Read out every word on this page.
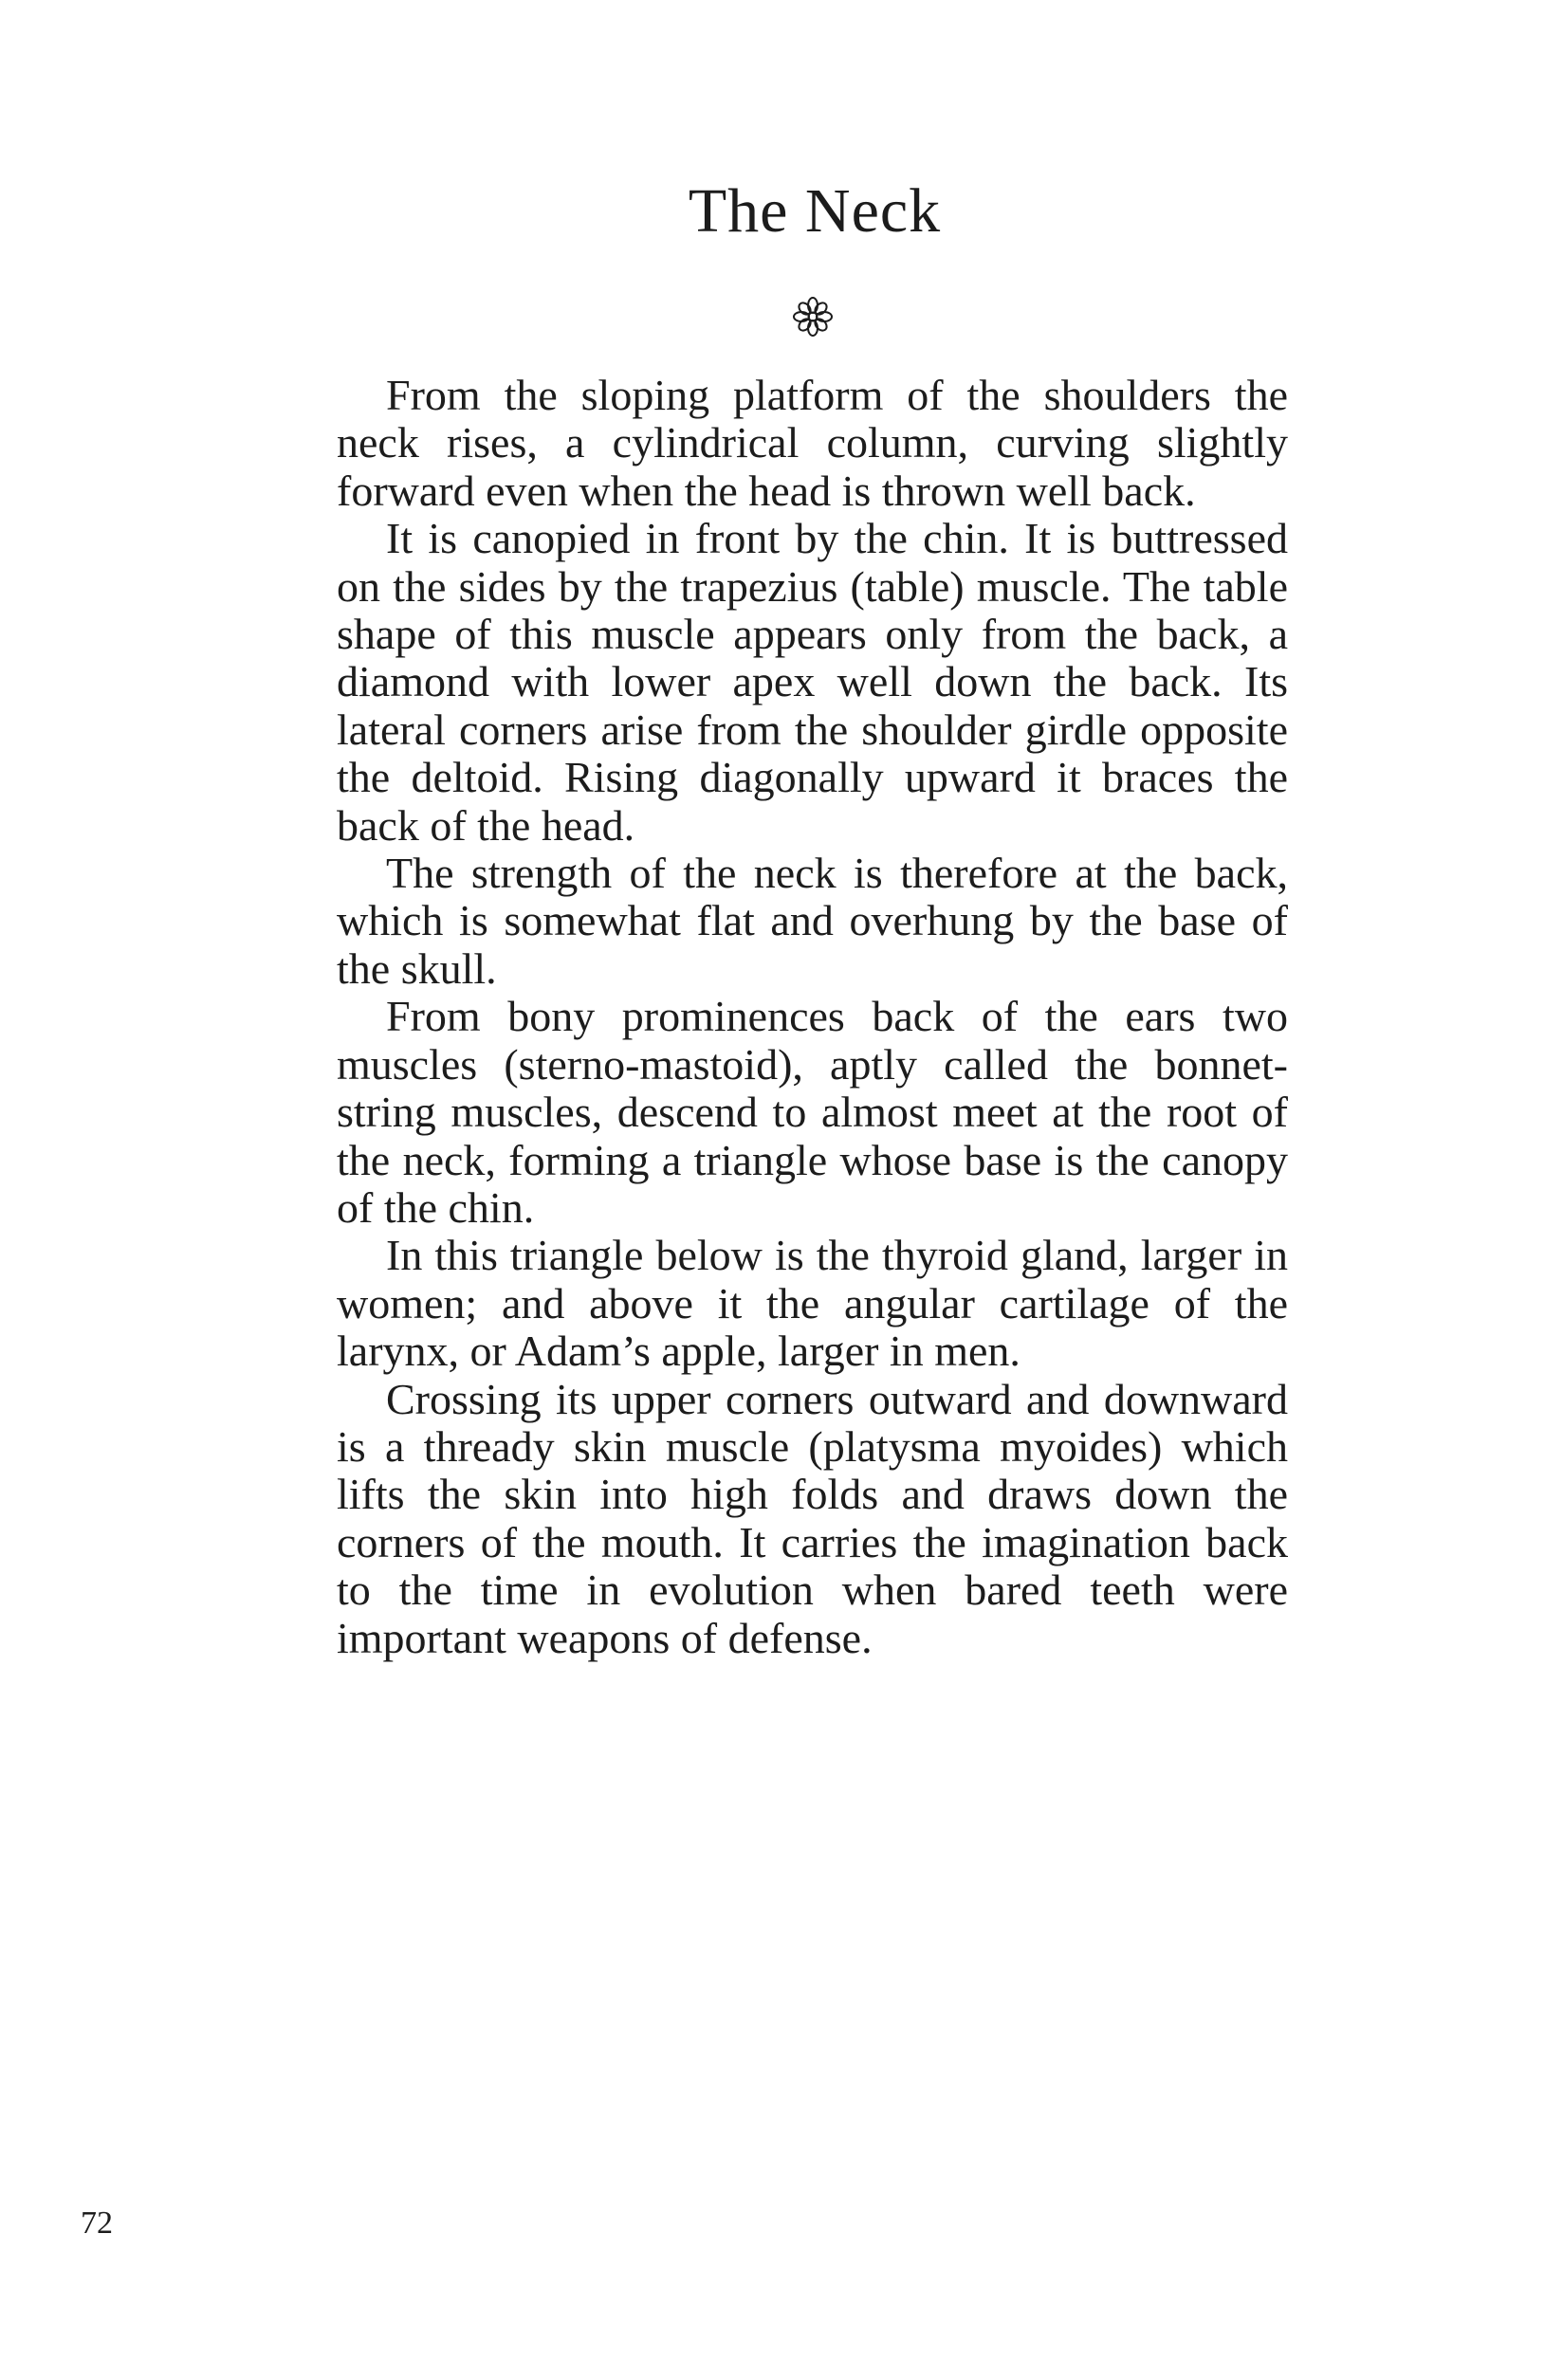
The Neck

From the sloping platform of the shoulders the neck rises, a cylindrical column, curving slightly forward even when the head is thrown well back.

It is canopied in front by the chin. It is buttressed on the sides by the trapezius (table) muscle. The table shape of this muscle appears only from the back, a diamond with lower apex well down the back. Its lateral corners arise from the shoulder girdle opposite the deltoid. Rising diagonally upward it braces the back of the head.

The strength of the neck is therefore at the back, which is somewhat flat and overhung by the base of the skull.

From bony prominences back of the ears two muscles (sterno-mastoid), aptly called the bonnet-string muscles, descend to almost meet at the root of the neck, forming a triangle whose base is the canopy of the chin.

In this triangle below is the thyroid gland, larger in women; and above it the angular cartilage of the larynx, or Adam’s apple, larger in men.

Crossing its upper corners outward and downward is a thready skin muscle (platysma myoides) which lifts the skin into high folds and draws down the corners of the mouth. It carries the imagination back to the time in evolution when bared teeth were important weapons of defense.

72
